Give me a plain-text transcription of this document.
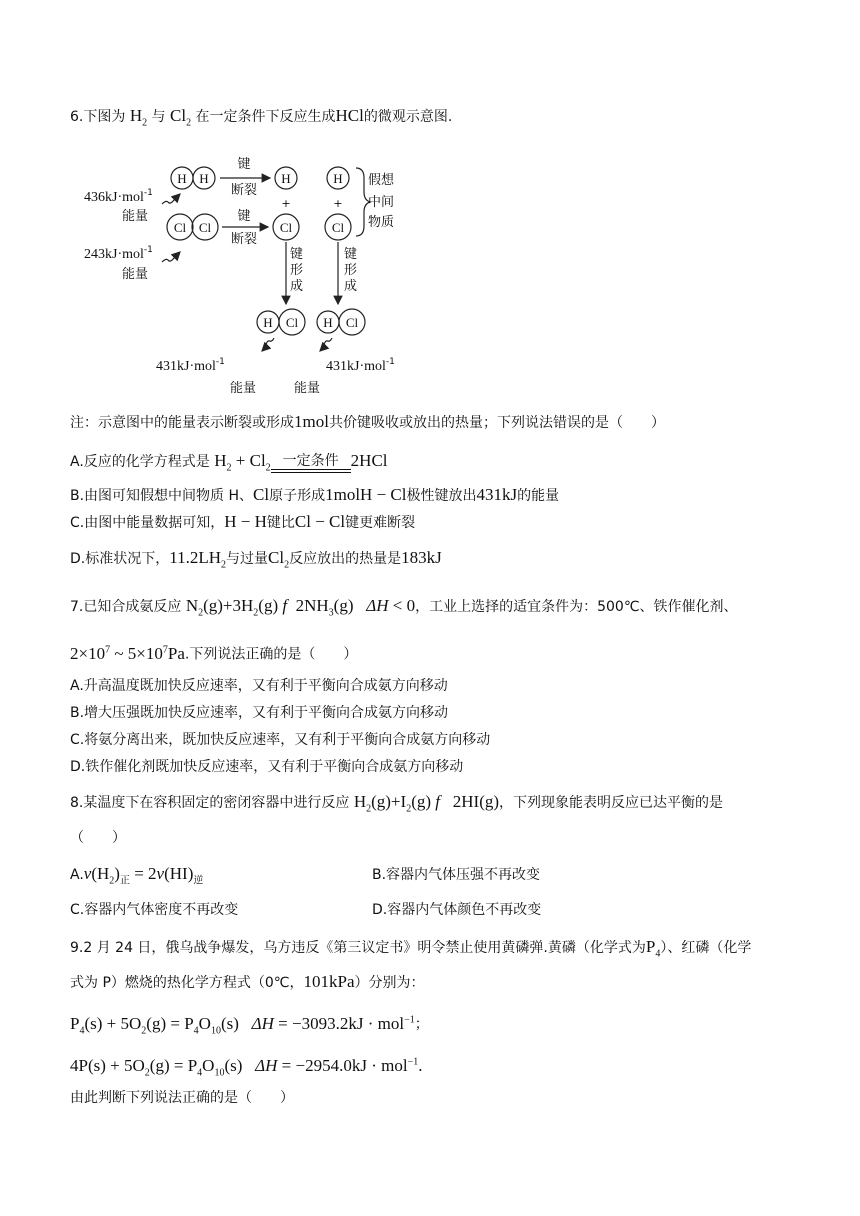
6.下图为 $H_2$ 与 $Cl_2$ 在一定条件下反应生成HCl的微观示意图.
H H
Cl Cl
H
Cl
H
Cl
H Cl H Cl
+	+
键
断裂
键
断裂
键
形
成
键
形
成
假想
中间
物质
436kJ·mol$^{-1}$
能量
243kJ·mol$^{-1}$
能量
431kJ·mol$^{-1}$
能量
431kJ·mol$^{-1}$
能量
注：示意图中的能量表示断裂或形成1mol共价键吸收或放出的热量；下列说法错误的是（　　）
A.反应的化学方程式是 $H_2 + Cl_2$ 一定条件 2HCl
B.由图可知假想中间物质 H、Cl原子形成1molH − Cl极性键放出431kJ的能量
C.由图中能量数据可知，H − H键比Cl − Cl键更难断裂
D.标准状况下，$11.2LH_2$与过量$Cl_2$反应放出的热量是183kJ
7.已知合成氨反应 $N_2(g)+3H_2(g)$ f $2NH_3(g) \Delta H < 0$，工业上选择的适宜条件为：500℃、铁作催化剂、
$2\times 10^7$ ~ $5\times 10^7Pa$.下列说法正确的是（　　）
A.升高温度既加快反应速率，又有利于平衡向合成氨方向移动
B.增大压强既加快反应速率，又有利于平衡向合成氨方向移动
C.将氨分离出来，既加快反应速率，又有利于平衡向合成氨方向移动
D.铁作催化剂既加快反应速率，又有利于平衡向合成氨方向移动
8.某温度下在容积固定的密闭容器中进行反应 $H_2(g)+I_2(g)$ f 2HI(g)，下列现象能表明反应已达平衡的是
（　　）
$A.v(H_2)_正 = 2v(HI)_逆$	B.容器内气体压强不再改变
C.容器内气体密度不再改变	D.容器内气体颜色不再改变
9.2 月 24 日，俄乌战争爆发，乌方违反《第三议定书》明令禁止使用黄磷弹.黄磷（化学式为$P_4$）、红磷（化学
式为 P）燃烧的热化学方程式（0℃，101kPa）分别为：
$P_4(s) + 5O_2(g) = P_4O_{10}(s) \Delta H = -3093.2kJ \cdot mol^{-1}$；
$4P(s) + 5O_2(g) = P_4O_{10}(s) \Delta H = -2954.0kJ \cdot mol^{-1}$.
由此判断下列说法正确的是（　　）
